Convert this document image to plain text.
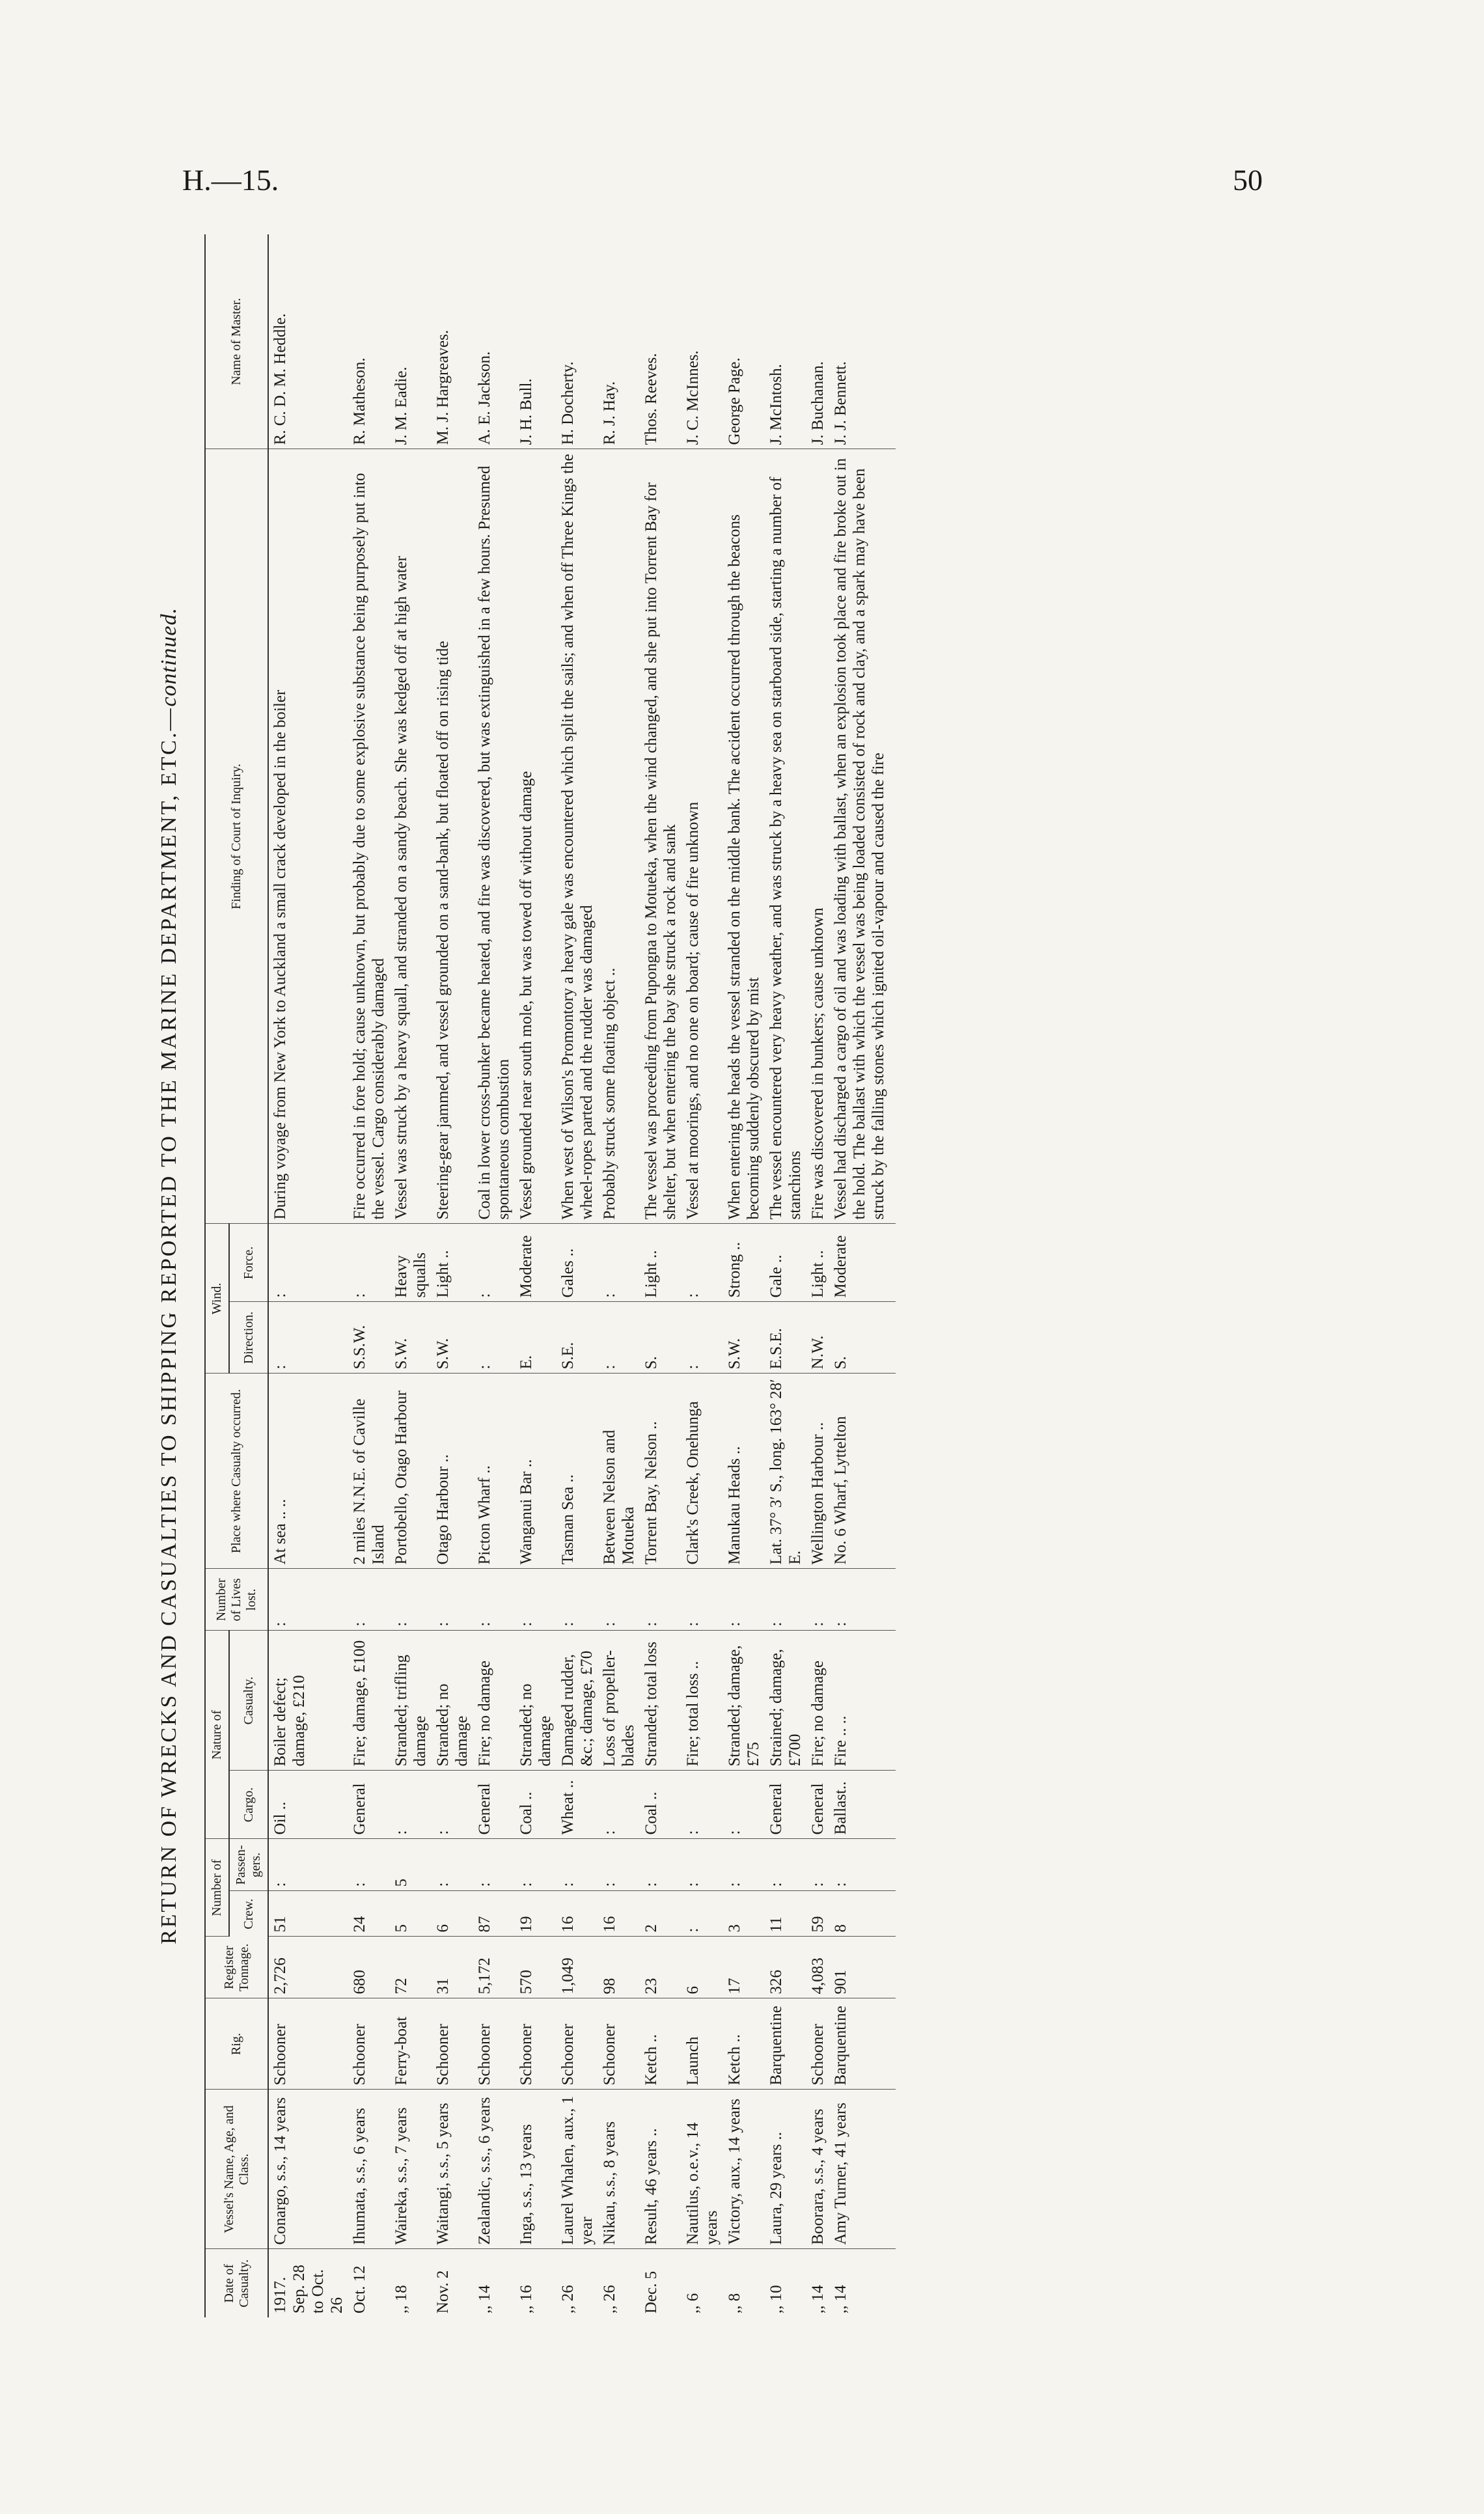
H.—15.	50
RETURN OF WRECKS AND CASUALTIES TO SHIPPING REPORTED TO THE MARINE DEPARTMENT, ETC.—continued.
Date of Casualty.	Vessel's Name, Age, and Class.	Rig.	Register Tonnage.	Number of		Nature of		Number of Lives lost.	Place where Casualty occurred.	Wind.		Finding of Court of Inquiry.	Name of Master.
				Crew.	Passen-gers.	Cargo.	Casualty.			Direction.	Force.		

1917. Sep. 28 to Oct. 26	Conargo, s.s., 14 years	Schooner	2,726	51	:	Oil ..	Boiler defect; damage, £210	:	At sea .. ..	:	:	During voyage from New York to Auckland a small crack developed in the boiler	R. C. D. M. Heddle.
Oct. 12	Ihumata, s.s., 6 years	Schooner	680	24	:	General	Fire; damage, £100	:	2 miles N.N.E. of Caville Island	S.S.W.	:	Fire occurred in fore hold; cause unknown, but probably due to some explosive substance being purposely put into the vessel. Cargo considerably damaged	R. Matheson.
,, 18	Waireka, s.s., 7 years	Ferry-boat	72	5	5	:	Stranded; trifling damage	:	Portobello, Otago Harbour	S.W.	Heavy squalls	Vessel was struck by a heavy squall, and stranded on a sandy beach. She was kedged off at high water	J. M. Eadie.
Nov. 2	Waitangi, s.s., 5 years	Schooner	31	6	:	:	Stranded; no damage	:	Otago Harbour ..	S.W.	Light ..	Steering-gear jammed, and vessel grounded on a sand-bank, but floated off on rising tide	M. J. Hargreaves.
,, 14	Zealandic, s.s., 6 years	Schooner	5,172	87	:	General	Fire; no damage	:	Picton Wharf ..	:	:	Coal in lower cross-bunker became heated, and fire was discovered, but was extinguished in a few hours. Presumed spontaneous combustion	A. E. Jackson.
,, 16	Inga, s.s., 13 years	Schooner	570	19	:	Coal ..	Stranded; no damage	:	Wanganui Bar ..	E.	Moderate	Vessel grounded near south mole, but was towed off without damage	J. H. Bull.
,, 26	Laurel Whalen, aux., 1 year	Schooner	1,049	16	:	Wheat ..	Damaged rudder, &c.; damage, £70	:	Tasman Sea ..	S.E.	Gales ..	When west of Wilson's Promontory a heavy gale was encountered which split the sails; and when off Three Kings the wheel-ropes parted and the rudder was damaged	H. Docherty.
,, 26	Nikau, s.s., 8 years	Schooner	98	16	:	:	Loss of propeller-blades	:	Between Nelson and Motueka	:	:	Probably struck some floating object ..	R. J. Hay.
Dec. 5	Result, 46 years ..	Ketch ..	23	2	:	Coal ..	Stranded; total loss	:	Torrent Bay, Nelson ..	S.	Light ..	The vessel was proceeding from Pupongna to Motueka, when the wind changed, and she put into Torrent Bay for shelter, but when entering the bay she struck a rock and sank	Thos. Reeves.
,, 6	Nautilus, o.e.v., 14 years	Launch	6	:	:	:	Fire; total loss ..	:	Clark's Creek, Onehunga	:	:	Vessel at moorings, and no one on board; cause of fire unknown	J. C. McInnes.
,, 8	Victory, aux., 14 years	Ketch ..	17	3	:	:	Stranded; damage, £75	:	Manukau Heads ..	S.W.	Strong ..	When entering the heads the vessel stranded on the middle bank. The accident occurred through the beacons becoming suddenly obscured by mist	George Page.
,, 10	Laura, 29 years ..	Barquentine	326	11	:	General	Strained; damage, £700	:	Lat. 37° 3′ S., long. 163° 28′ E.	E.S.E.	Gale ..	The vessel encountered very heavy weather, and was struck by a heavy sea on starboard side, starting a number of stanchions	J. McIntosh.
,, 14	Boorara, s.s., 4 years	Schooner	4,083	59	:	General	Fire; no damage	:	Wellington Harbour ..	N.W.	Light ..	Fire was discovered in bunkers; cause unknown	J. Buchanan.
,, 14	Amy Turner, 41 years	Barquentine	901	8	:	Ballast..	Fire .. ..	:	No. 6 Wharf, Lyttelton	S.	Moderate	Vessel had discharged a cargo of oil and was loading with ballast, when an explosion took place and fire broke out in the hold. The ballast with which the vessel was being loaded consisted of rock and clay, and a spark may have been struck by the falling stones which ignited oil-vapour and caused the fire	J. J. Bennett.
